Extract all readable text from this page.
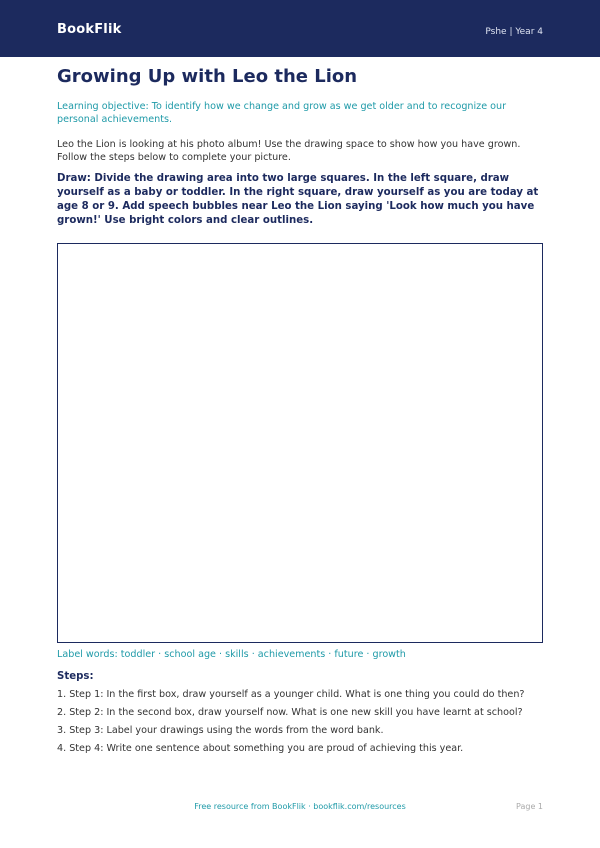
BookFlik	Pshe | Year 4
Growing Up with Leo the Lion
Learning objective: To identify how we change and grow as we get older and to recognize our personal achievements.
Leo the Lion is looking at his photo album! Use the drawing space to show how you have grown. Follow the steps below to complete your picture.
Draw: Divide the drawing area into two large squares. In the left square, draw yourself as a baby or toddler. In the right square, draw yourself as you are today at age 8 or 9. Add speech bubbles near Leo the Lion saying 'Look how much you have grown!' Use bright colors and clear outlines.
Label words: toddler · school age · skills · achievements · future · growth
Steps:
1. Step 1: In the first box, draw yourself as a younger child. What is one thing you could do then?
2. Step 2: In the second box, draw yourself now. What is one new skill you have learnt at school?
3. Step 3: Label your drawings using the words from the word bank.
4. Step 4: Write one sentence about something you are proud of achieving this year.
Free resource from BookFlik · bookflik.com/resources	Page 1
